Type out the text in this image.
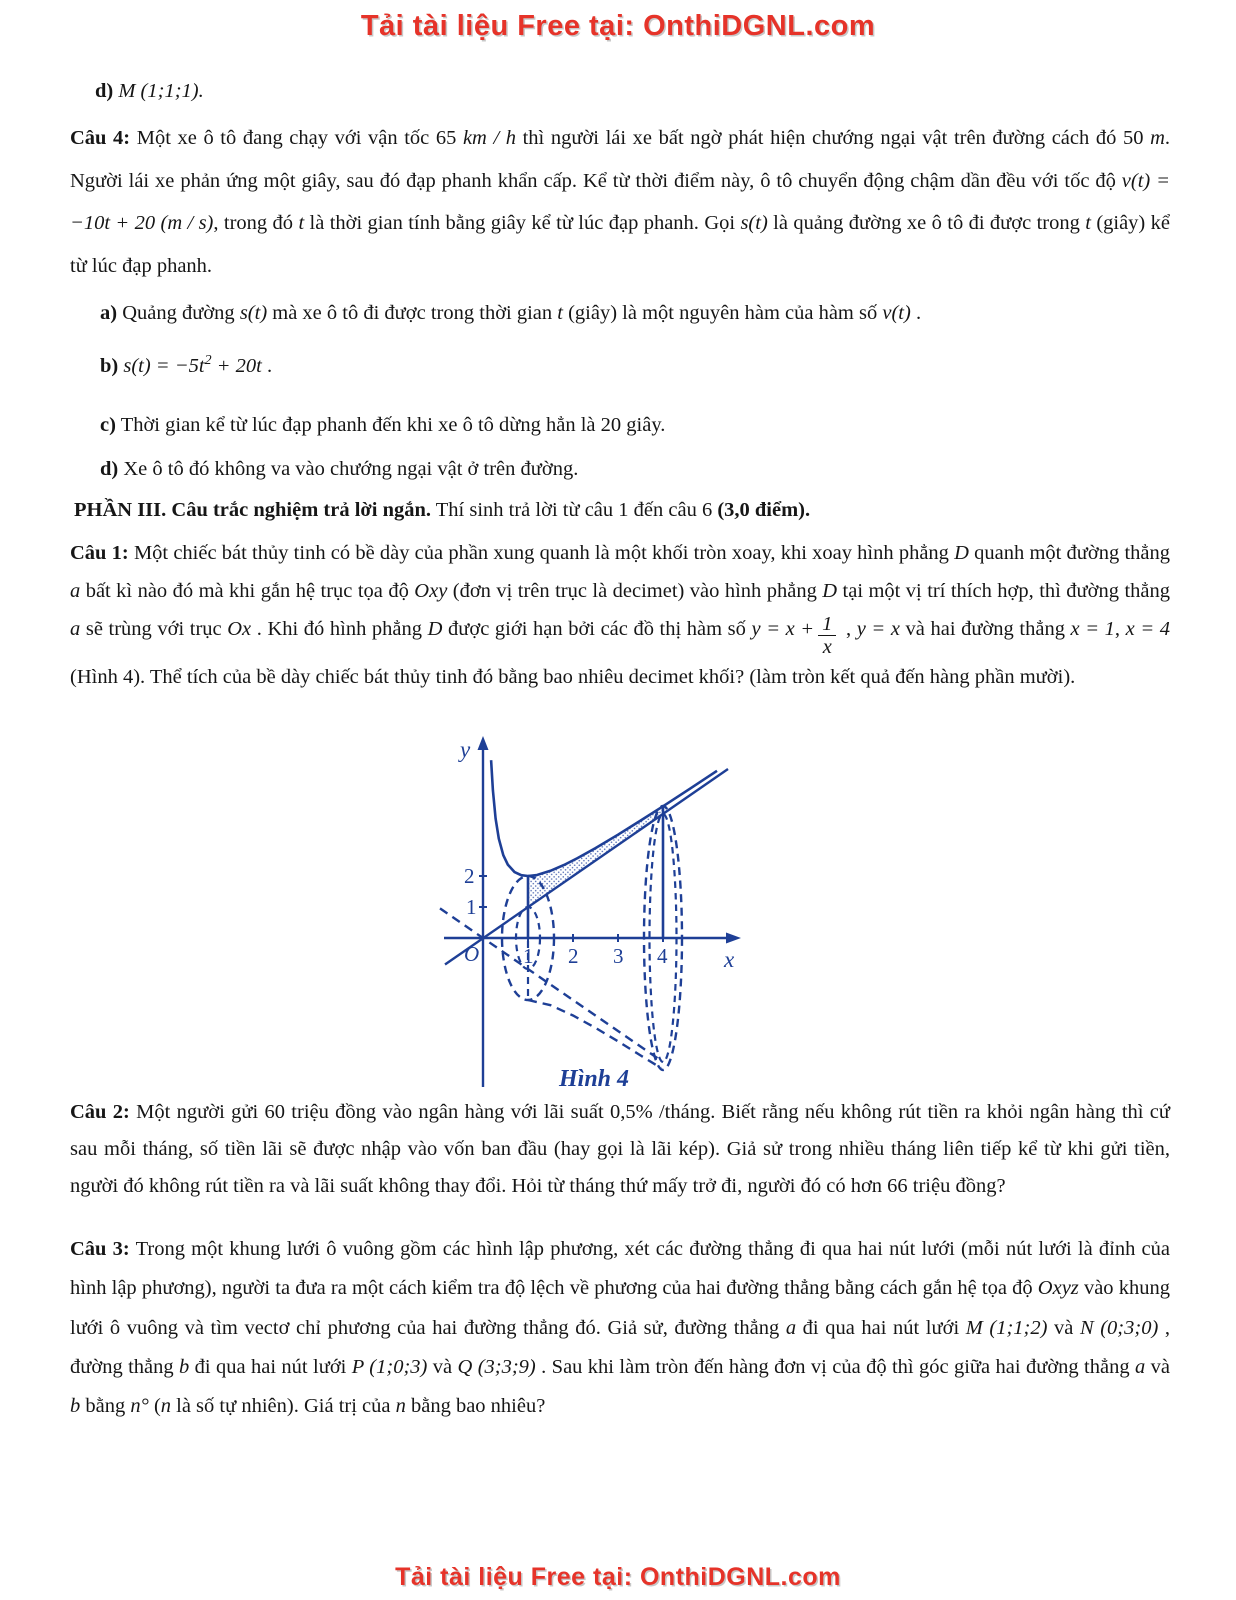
Tải tài liệu Free tại: OnthiDGNL.com

d) M (1;1;1).

Câu 4: Một xe ô tô đang chạy với vận tốc 65 km / h thì người lái xe bất ngờ phát hiện chướng ngại vật trên đường cách đó 50 m. Người lái xe phản ứng một giây, sau đó đạp phanh khẩn cấp. Kể từ thời điểm này, ô tô chuyển động chậm dần đều với tốc độ v(t) = −10t + 20 (m / s), trong đó t là thời gian tính bằng giây kể từ lúc đạp phanh. Gọi s(t) là quảng đường xe ô tô đi được trong t (giây) kể từ lúc đạp phanh.

a) Quảng đường s(t) mà xe ô tô đi được trong thời gian t (giây) là một nguyên hàm của hàm số v(t) .

b) $s(t) = -5t^2 + 20t$ .

c) Thời gian kể từ lúc đạp phanh đến khi xe ô tô dừng hẳn là 20 giây.

d) Xe ô tô đó không va vào chướng ngại vật ở trên đường.

PHẦN III. Câu trắc nghiệm trả lời ngắn. Thí sinh trả lời từ câu 1 đến câu 6 (3,0 điểm).

Câu 1: Một chiếc bát thủy tinh có bề dày của phần xung quanh là một khối tròn xoay, khi xoay hình phẳng D quanh một đường thẳng a bất kì nào đó mà khi gắn hệ trục tọa độ Oxy (đơn vị trên trục là decimet) vào hình phẳng D tại một vị trí thích hợp, thì đường thẳng a sẽ trùng với trục Ox . Khi đó hình phẳng D được giới hạn bởi các đồ thị hàm số $y = x + \frac{1}{x}$ , y = x và hai đường thẳng x = 1, x = 4 (Hình 4). Thể tích của bề dày chiếc bát thủy tinh đó bằng bao nhiêu decimet khối? (làm tròn kết quả đến hàng phần mười).

y
x
O 1 2 3 4
1
2

Hình 4

Câu 2: Một người gửi 60 triệu đồng vào ngân hàng với lãi suất 0,5% /tháng. Biết rằng nếu không rút tiền ra khỏi ngân hàng thì cứ sau mỗi tháng, số tiền lãi sẽ được nhập vào vốn ban đầu (hay gọi là lãi kép). Giả sử trong nhiều tháng liên tiếp kể từ khi gửi tiền, người đó không rút tiền ra và lãi suất không thay đổi. Hỏi từ tháng thứ mấy trở đi, người đó có hơn 66 triệu đồng?

Câu 3: Trong một khung lưới ô vuông gồm các hình lập phương, xét các đường thẳng đi qua hai nút lưới (mỗi nút lưới là đỉnh của hình lập phương), người ta đưa ra một cách kiểm tra độ lệch về phương của hai đường thẳng bằng cách gắn hệ tọa độ Oxyz vào khung lưới ô vuông và tìm vectơ chỉ phương của hai đường thẳng đó. Giả sử, đường thẳng a đi qua hai nút lưới M (1;1;2) và N (0;3;0) , đường thẳng b đi qua hai nút lưới P (1;0;3) và Q (3;3;9) . Sau khi làm tròn đến hàng đơn vị của độ thì góc giữa hai đường thẳng a và b bằng n° (n là số tự nhiên). Giá trị của n bằng bao nhiêu?

Tải tài liệu Free tại: OnthiDGNL.com
